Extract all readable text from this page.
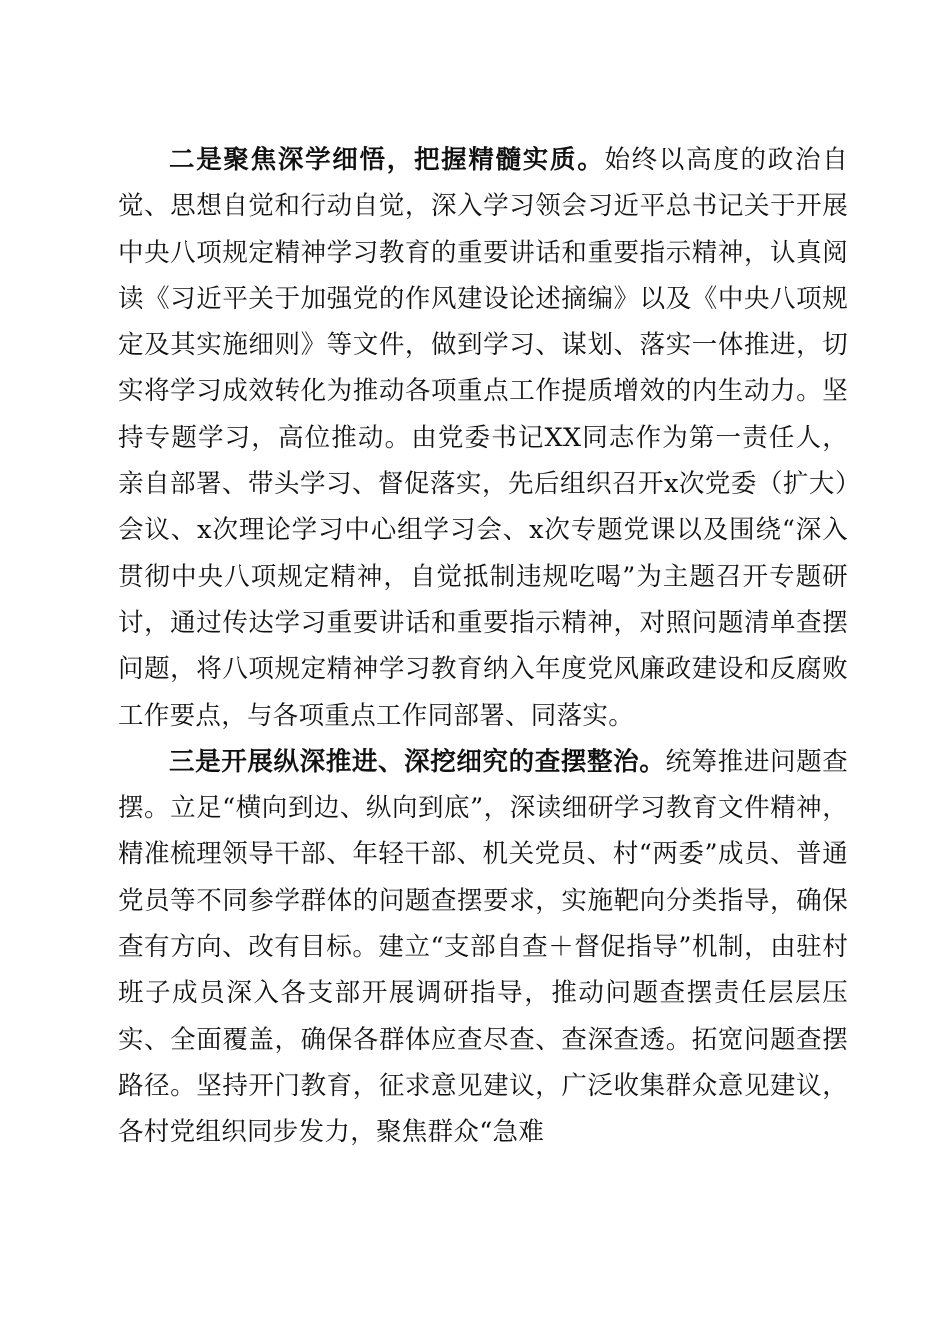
二是聚焦深学细悟，把握精髓实质。始终以高度的政治自觉、思想自觉和行动自觉，深入学习领会习近平总书记关于开展中央八项规定精神学习教育的重要讲话和重要指示精神，认真阅读《习近平关于加强党的作风建设论述摘编》以及《中央八项规定及其实施细则》等文件，做到学习、谋划、落实一体推进，切实将学习成效转化为推动各项重点工作提质增效的内生动力。坚持专题学习，高位推动。由党委书记XX同志作为第一责任人，亲自部署、带头学习、督促落实，先后组织召开x次党委（扩大）会议、x次理论学习中心组学习会、x次专题党课以及围绕“深入贯彻中央八项规定精神，自觉抵制违规吃喝”为主题召开专题研讨，通过传达学习重要讲话和重要指示精神，对照问题清单查摆问题，将八项规定精神学习教育纳入年度党风廉政建设和反腐败工作要点，与各项重点工作同部署、同落实。

三是开展纵深推进、深挖细究的查摆整治。统筹推进问题查摆。立足“横向到边、纵向到底”，深读细研学习教育文件精神，精准梳理领导干部、年轻干部、机关党员、村“两委”成员、普通党员等不同参学群体的问题查摆要求，实施靶向分类指导，确保查有方向、改有目标。建立“支部自查＋督促指导”机制，由驻村班子成员深入各支部开展调研指导，推动问题查摆责任层层压实、全面覆盖，确保各群体应查尽查、查深查透。拓宽问题查摆路径。坚持开门教育，征求意见建议，广泛收集群众意见建议，各村党组织同步发力，聚焦群众“急难
